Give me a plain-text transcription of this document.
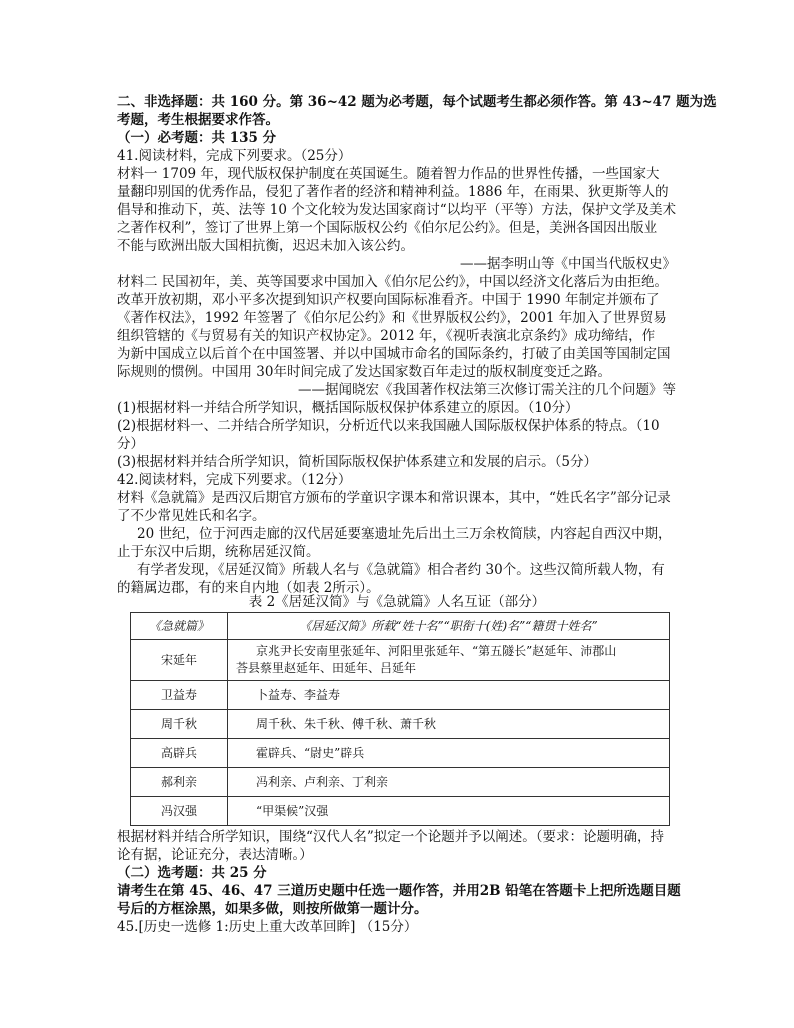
二、非选择题：共 160 分。第 36~42 题为必考题，每个试题考生都必须作答。第 43~47 题为选
考题，考生根据要求作答。
（一）必考题：共 135 分
41.阅读材料，完成下列要求。（25分）
材料一 1709 年，现代版权保护制度在英国诞生。随着智力作品的世界性传播，一些国家大
量翻印别国的优秀作品，侵犯了著作者的经济和精神利益。1886 年，在雨果、狄更斯等人的
倡导和推动下，英、法等 10 个文化较为发达国家商讨“以均平（平等）方法，保护文学及美术
之著作权利”，签订了世界上第一个国际版权公约《伯尔尼公约》。但是，美洲各国因出版业
不能与欧洲出版大国相抗衡，迟迟未加入该公约。
——据李明山等《中国当代版权史》
材料二 民国初年，美、英等国要求中国加入《伯尔尼公约》，中国以经济文化落后为由拒绝。
改革开放初期，邓小平多次提到知识产权要向国际标准看齐。中国于 1990 年制定并颁布了
《著作权法》，1992 年签署了《伯尔尼公约》和《世界版权公约》，2001 年加入了世界贸易
组织管辖的《与贸易有关的知识产权协定》。2012 年，《视听表演北京条约》成功缔结，作
为新中国成立以后首个在中国签署、并以中国城市命名的国际条约，打破了由美国等国制定国
际规则的惯例。中国用 30年时间完成了发达国家数百年走过的版权制度变迁之路。
——据闻晓宏《我国著作权法第三次修订需关注的几个问题》等
(1)根据材料一并结合所学知识，概括国际版权保护体系建立的原因。（10分）
(2)根据材料一、二并结合所学知识，分析近代以来我国融人国际版权保护体系的特点。（10
分）
(3)根据材料并结合所学知识，简析国际版权保护体系建立和发展的启示。（5分）
42.阅读材料，完成下列要求。（12分）
材料《急就篇》是西汉后期官方颁布的学童识字课本和常识课本，其中，“姓氏名字”部分记录
了不少常见姓氏和名字。
20 世纪，位于河西走廊的汉代居延要塞遗址先后出土三万余枚简牍，内容起自西汉中期，
止于东汉中后期，统称居延汉简。
有学者发现，《居延汉简》所载人名与《急就篇》相合者约 30个。这些汉简所载人物，有
的籍属边郡，有的来自内地（如表 2所示）。
表 2《居延汉简》与《急就篇》人名互证（部分）
《急就篇》	《居延汉简》所载“姓十名”“职衔十(姓)名”“籍贯十姓名”
宋延年	京兆尹长安南里张延年、河阳里张延年、“第五隧长”赵延年、沛郡山
荅县蔡里赵延年、田延年、吕延年

卫益寿	卜益寿、李益寿
周千秋	周千秋、朱千秋、傅千秋、萧千秋
高辟兵	霍辟兵、“尉史”辟兵
郝利亲	冯利亲、卢利亲、丁利亲
冯汉强	“甲渠候”汉强
根据材料并结合所学知识，围绕“汉代人名”拟定一个论题并予以阐述。（要求：论题明确，持
论有据，论证充分，表达清晰。）
（二）选考题：共 25 分
请考生在第 45、46、47 三道历史题中任选一题作答，并用2B 铅笔在答题卡上把所选题目题
号后的方框涂黑，如果多做，则按所做第一题计分。
45.[历史一选修 1:历史上重大改革回眸] （15分）
